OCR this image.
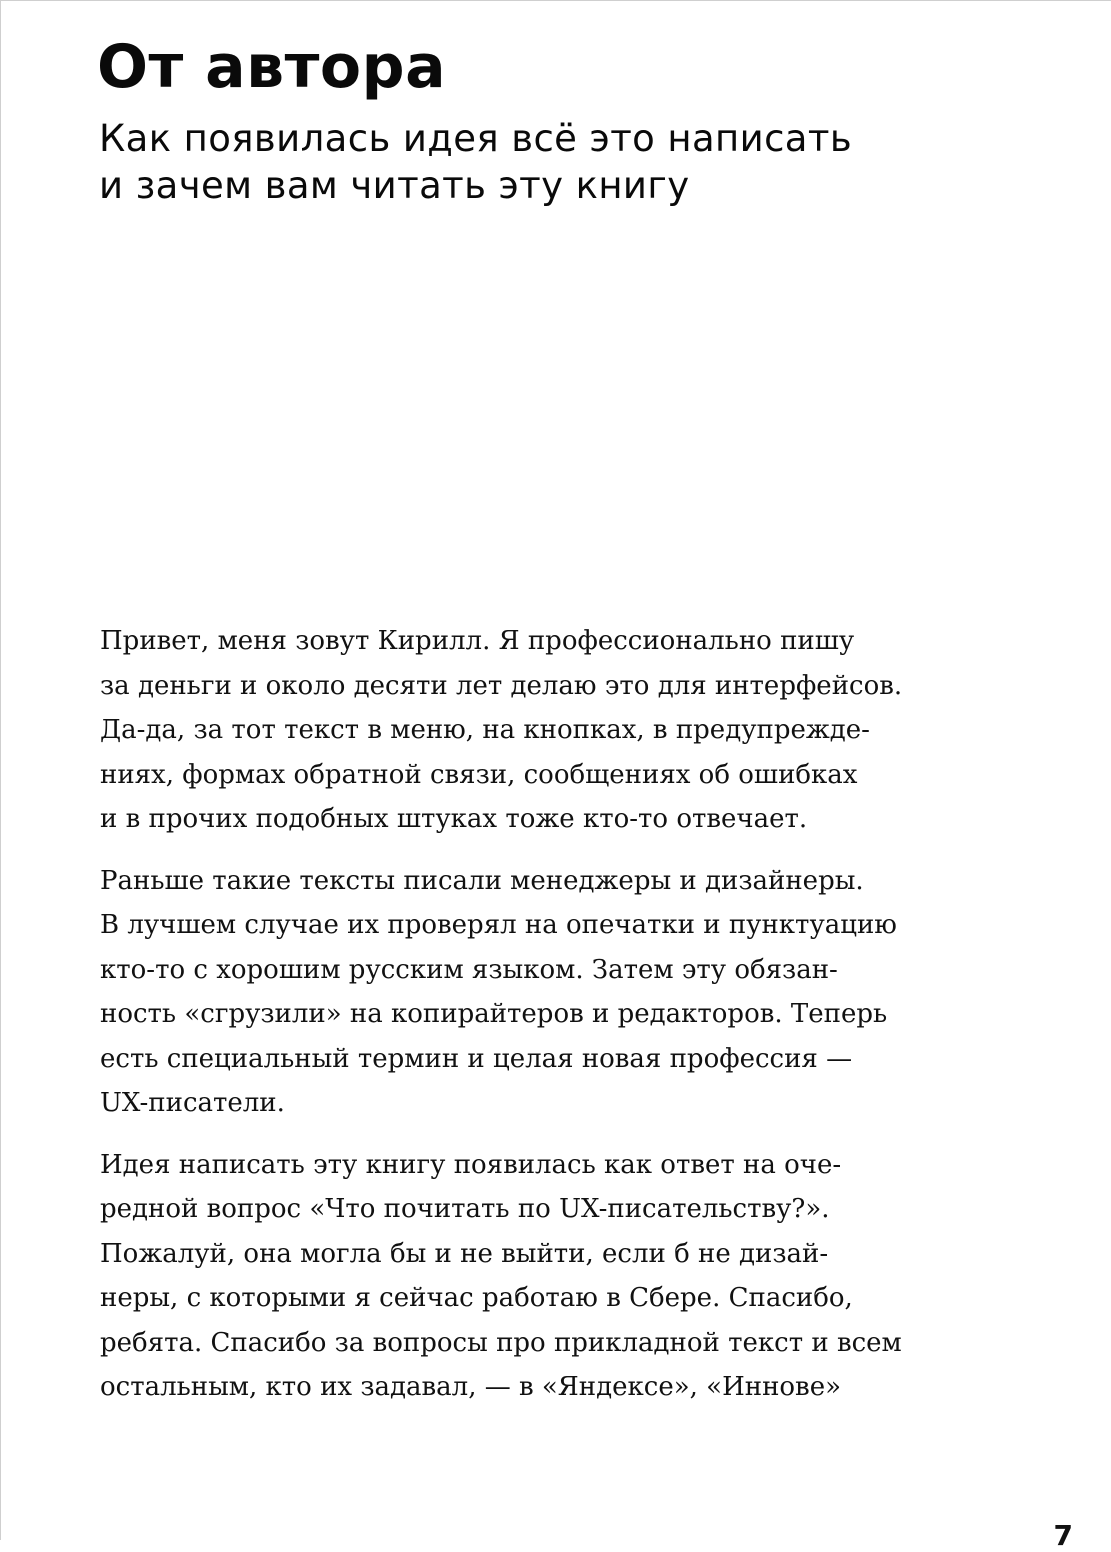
От автора
Как появилась идея всё это написать
и зачем вам читать эту книгу

Привет, меня зовут Кирилл. Я профессионально пишу
за деньги и около десяти лет делаю это для интерфейсов.
Да-да, за тот текст в меню, на кнопках, в предупрежде-
ниях, формах обратной связи, сообщениях об ошибках
и в прочих подобных штуках тоже кто-то отвечает.

Раньше такие тексты писали менеджеры и дизайнеры.
В лучшем случае их проверял на опечатки и пунктуацию
кто-то с хорошим русским языком. Затем эту обязан-
ность «сгрузили» на копирайтеров и редакторов. Теперь
есть специальный термин и целая новая профессия —
UX-писатели.

Идея написать эту книгу появилась как ответ на оче-
редной вопрос «Что почитать по UX-писательству?».
Пожалуй, она могла бы и не выйти, если б не дизай-
неры, с которыми я сейчас работаю в Сбере. Спасибо,
ребята. Спасибо за вопросы про прикладной текст и всем
остальным, кто их задавал, — в «Яндексе», «Иннове»

7
